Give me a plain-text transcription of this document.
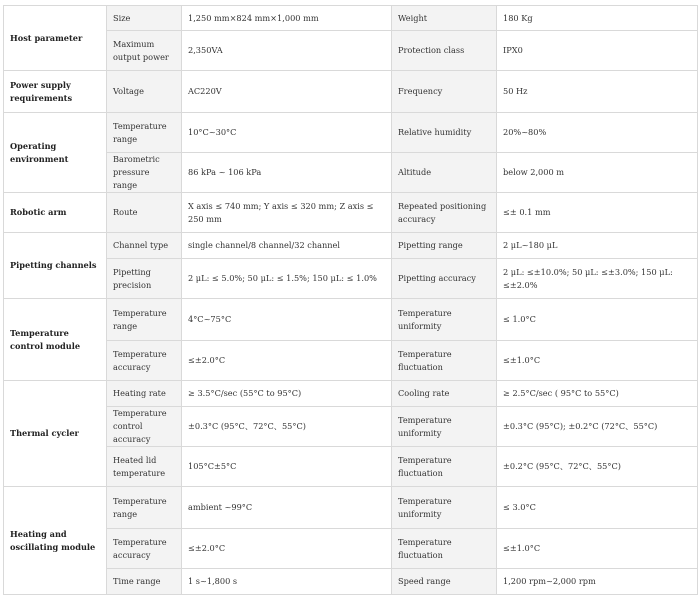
Host parameter	Size	1,250 mm×824 mm×1,000 mm	Weight	180 Kg
	Maximum output power	2,350VA	Protection class	IPX0
Power supply requirements	Voltage	AC220V	Frequency	50 Hz
Operating environment	Temperature range	10°C~30°C	Relative humidity	20%~80%
	Barometric pressure range	86 kPa ~ 106 kPa	Altitude	below 2,000 m
Robotic arm	Route	X axis ≤ 740 mm; Y axis ≤ 320 mm; Z axis ≤ 250 mm	Repeated positioning accuracy	≤± 0.1 mm
Pipetting channels	Channel type	single channel/8 channel/32 channel	Pipetting range	2 μL~180 μL
	Pipetting precision	2 μL: ≤ 5.0%; 50 μL: ≤ 1.5%; 150 μL: ≤ 1.0%	Pipetting accuracy	2 μL: ≤±10.0%; 50 μL: ≤±3.0%; 150 μL: ≤±2.0%
Temperature control module	Temperature range	4°C~75°C	Temperature uniformity	≤ 1.0°C
	Temperature accuracy	≤±2.0°C	Temperature fluctuation	≤±1.0°C
Thermal cycler	Heating rate	≥ 3.5°C/sec (55°C to 95°C)	Cooling rate	≥ 2.5°C/sec ( 95°C to 55°C)
	Temperature control accuracy	±0.3°C (95°C、72°C、55°C)	Temperature uniformity	±0.3°C (95°C); ±0.2°C (72°C、55°C)
	Heated lid temperature	105°C±5°C	Temperature fluctuation	±0.2°C (95°C、72°C、55°C)
Heating and oscillating module	Temperature range	ambient ~99°C	Temperature uniformity	≤ 3.0°C
	Temperature accuracy	≤±2.0°C	Temperature fluctuation	≤±1.0°C
	Time range	1 s~1,800 s	Speed range	1,200 rpm~2,000 rpm
